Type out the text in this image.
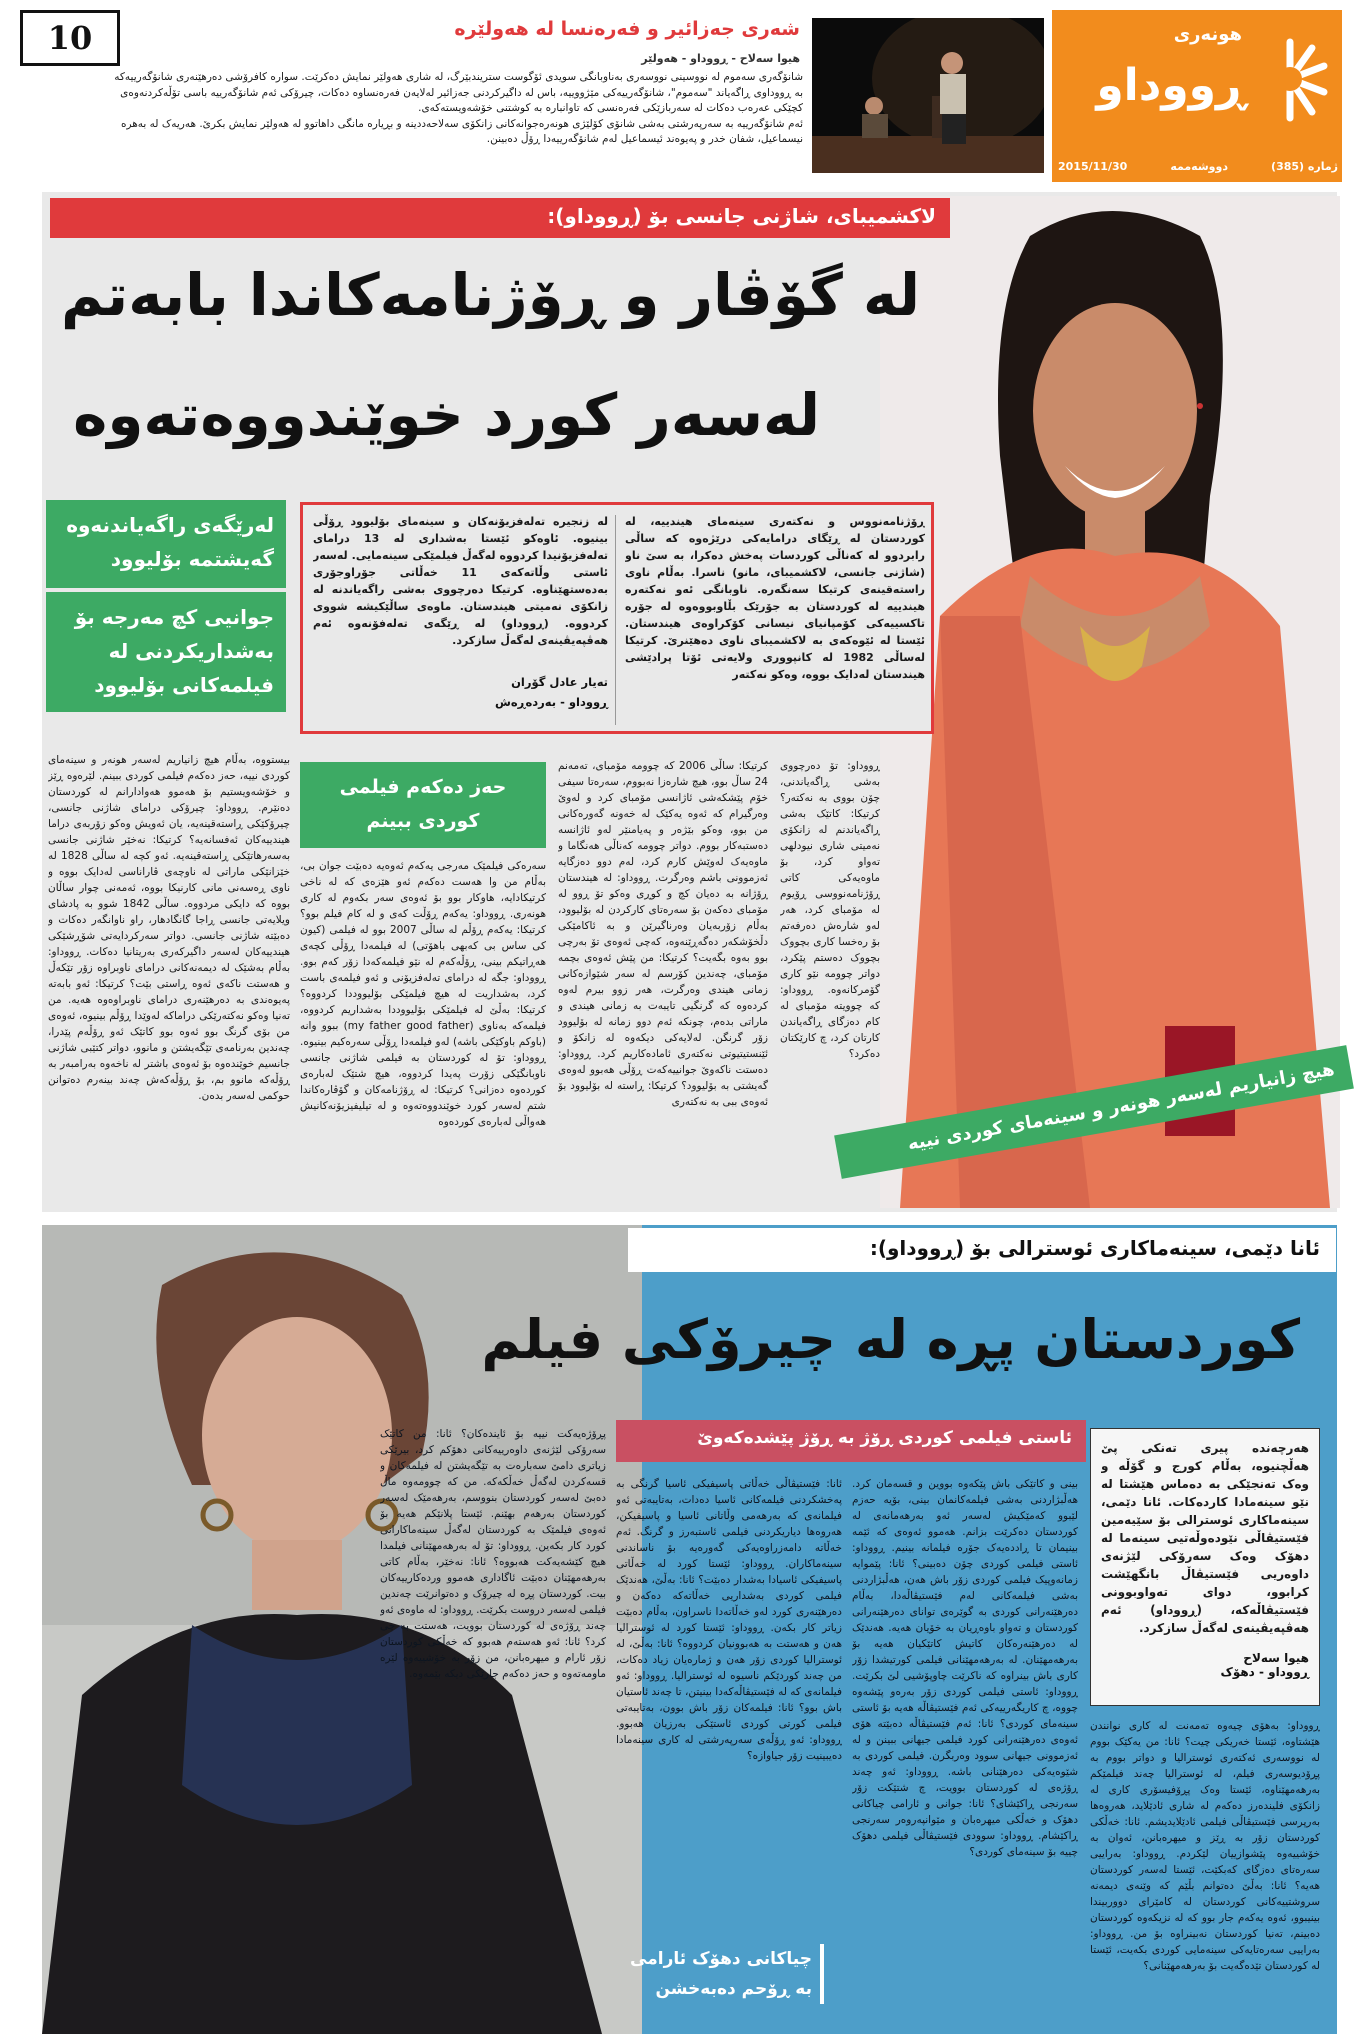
10	شەری جەزائیر و فەرەنسا لە هەولێرە
هیوا سەلاح - ڕووداو - هەولێر
شانۆگەری سەموم لە نووسینی نووسەری بەناوبانگی سویدی ئۆگوست ستریندبێرگ، لە شاری هەولێر نمایش دەکرێت. سوارە کافرۆشی دەرهێنەری شانۆگەرییەکە
بە ڕووداوی ڕاگەیاند "سەموم"، شانۆگەرییەکی مێژووییە، باس لە داگیرکردنی جەزائیر لەلایەن فەرەنساوە دەکات، چیرۆکی ئەم شانۆگەرییە باسی تۆڵەکردنەوەی
کچێکی عەرەب دەکات لە سەربازێکی فەرەنسی کە تاوانبارە بە کوشتنی خۆشەویستەکەی.
ئەم شانۆگەرییە بە سەرپەرشتی بەشی شانۆی کۆلێژی هونەرەجوانەکانی زانکۆی سەلاحەددینە و بڕیارە مانگی داهاتوو لە هەولێر نمایش بکرێ. هەریەک لە بەهرە
نیسماعیل، شفان خدر و پەیوەند ئیسماعیل لەم شانۆگەرییەدا ڕۆڵ دەبینن.
هونەری
ڕووداو
ژمارە (385)
دووشەممە
2015/11/30
لاکشمیبای، شاژنی جانسی بۆ (ڕووداو):
لە گۆڤار و ڕۆژنامەکاندا بابەتم
لەسەر کورد خوێندووەتەوە
لەرێگەی راگەیاندنەوە
گەیشتمە بۆلیوود
جوانیی کچ مەرجە بۆ
بەشداریکردنی لە
فیلمەکانی بۆلیوود
ڕۆژنامەنووس و نەکتەری سینەمای هیندییە، لە کوردستان لە ڕێگای درامایەکی درێژەوە کە ساڵی رابردوو لە کەناڵی کوردسات پەخش دەکرا، بە سێ ناو (شاژنی جانسی، لاکشمیبای، مانو) ناسرا. بەڵام ناوی راستەقینەی کرتیکا سەنگەرە. ناوبانگی ئەو نەکتەرە هیندییە لە کوردستان بە جۆرێک بڵاوبووەوە لە جۆرە تاکسییەکی کۆمپانیای نیسانی کۆکراوەی هیندستان. ئێستا لە ئێوەکەی بە لاکشمیبای ناوی دەهێنرێ. کرتیکا لەساڵی 1982 لە کانپووری ولایەتی ئۆتا پرادێشی هیندستان لەدایک بووە، وەکو نەکتەر
لە زنجیرە تەلەفزیۆنەکان و سینەمای بۆلیوود ڕۆڵی بینیوە. ئاوەکو ئێستا بەشداری لە 13 درامای تەلەفزیۆنیدا کردووە لەگەڵ فیلمێکی سینەمایی. لەسەر ئاستی وڵاتەکەی 11 خەڵاتی جۆراوجۆری بەدەستهێناوە. کرتیکا دەرچووی بەشی راگەیاندنە لە زانکۆی نەمیتی هیندستان. ماوەی ساڵێکیشە شووی کردووە. (ڕووداو) لە ڕێگەی تەلەفۆنەوە ئەم هەڤپەیڤینەی لەگەڵ سازکرد.
تەیار عادل گۆران
ڕووداو - بەردەڕەش
ڕووداو: تۆ دەرچووی بەشی ڕاگەیاندنی، چۆن بووی بە نەکتەر؟ کرتیکا: کاتێک بەشی ڕاگەیاندنم لە زانکۆی نەمیتی شاری نیودلهی تەواو کرد، بۆ ماوەیەکی کاتی ڕۆژنامەنووسی ڕۆیوم لە مۆمبای کرد، هەر لەو شارەش دەرفەتم بۆ رەخسا کاری بچووک بچووک دەستم پێکرد، دواتر چوومە نێو کاری گۆمرکانەوە. ڕووداو: کە چوویتە مۆمبای لە کام دەزگای ڕاگەیاندن کارتان کرد، چ کارێکتان دەکرد؟
کرتیکا: ساڵی 2006 کە چوومە مۆمبای، تەمەنم 24 ساڵ بوو، هیچ شارەزا نەبووم، سەرەتا سیفی خۆم پێشکەشی ئاژانسی مۆمبای کرد و لەوێ وەرگیرام کە ئەوە یەکێک لە خەونە گەورەکانی من بوو، وەکو بێژەر و پەیامنێر لەو ئاژانسە دەستبەکار بووم. دواتر چوومە کەناڵی هەنگاما و ماوەیەک لەوێش کارم کرد، لەم دوو دەزگایە ئەزموونی باشم وەرگرت. ڕووداو: لە هیندستان ڕۆژانە بە دەیان کچ و کوڕی وەکو تۆ ڕوو لە مۆمبای دەکەن بۆ سەرەتای کارکردن لە بۆلیوود، بەڵام زۆربەیان وەرناگیرێن و بە ئاکامێکی دڵخۆشکەر دەگەڕێنەوە، کەچی ئەوەی تۆ بەرچی بوو بەوە بگەیت؟ کرتیکا: من پێش ئەوەی بچمە مۆمبای، چەندین کۆرسم لە سەر شێوازەکانی زمانی هیندی وەرگرت، هەر زوو بیرم لەوە کردەوە کە گرنگیی تایبەت بە زمانی هیندی و ماراتی بدەم، چونکە ئەم دوو زمانە لە بۆلیوود زۆر گرنگن. لەلایەکی دیکەوە لە زانکۆ و ئێنستیتیوتی نەکتەری ئامادەکاریم کرد. ڕووداو: دەستت ناکەوێ جوانییەکەت ڕۆڵی هەبوو لەوەی گەیشتی بە بۆلیوود؟ کرتیکا: ڕاستە لە بۆلیوود بۆ ئەوەی ببی بە نەکتەری
حەز دەکەم فیلمی
کوردی ببینم
سەرەکی فیلمێک مەرجی یەکەم ئەوەیە دەبێت جوان بی، بەڵام من وا هەست دەکەم ئەو هێزەی کە لە ناخی کرتیکادایە، هاوکار بوو بۆ ئەوەی سەر بکەوم لە کاری هونەری. ڕووداو: یەکەم ڕۆڵت کەی و لە کام فیلم بوو؟ کرتیکا: یەکەم ڕۆڵم لە ساڵی 2007 بوو لە فیلمی (کیون کی ساس بی کەبهی باهۆتی) لە فیلمەدا ڕۆڵی کچەی هەڕاتیکم بینی، ڕۆڵەکەم لە نێو فیلمەکەدا زۆر کەم بوو. ڕووداو: جگە لە درامای تەلەفزیۆنی و ئەو فیلمەی باست کرد، بەشداریت لە هیچ فیلمێکی بۆلیووددا کردووە؟ کرتیکا: بەڵێ لە فیلمێکی بۆلیووددا بەشداریم کردووە، فیلمەکە بەناوی (my father good father) ببوو وانە (باوکم باوکێکی باشە) لەو فیلمەدا ڕۆڵی سەرەکیم بینیوە. ڕووداو: تۆ لە کوردستان بە فیلمی شاژنی جانسی ناوبانگێکی زۆرت پەیدا کردووە، هیچ شتێک لەبارەی کوردەوە دەزانی؟ کرتیکا: لە ڕۆژنامەکان و گۆڤارەکاندا شتم لەسەر کورد خوێندووەتەوە و لە تیلیفیزیۆنەکانیش هەواڵی لەبارەی کوردەوە
بیستووە، بەڵام هیچ زانیاریم لەسەر هونەر و سینەمای کوردی نییە، حەز دەکەم فیلمی کوردی ببینم. لێرەوە ڕێز و خۆشەویستیم بۆ هەموو هەوادارانم لە کوردستان دەنێرم. ڕووداو: چیرۆکی درامای شاژنی جانسی، چیرۆکێکی ڕاستەقینەیە، یان ئەویش وەکو زۆربەی دراما هیندییەکان ئەفسانەیە؟ کرتیکا: نەخێر شاژنی جانسی بەسەرهاتێکی ڕاستەقینەیە. ئەو کچە لە ساڵی 1828 لە خێزانێکی ماراتی لە ناوچەی ڤاراناسی لەدایک بووە و ناوی ڕەسەنی مانی کارنیکا بووە، ئەمەنی چوار ساڵان بووە کە دایکی مردووە. ساڵی 1842 شوو بە پادشای ویلایەتی جانسی ڕاجا گانگادهار، راو ناوانگەر دەکات و دەبێتە شاژنی جانسی. دواتر سەرکردایەتی شۆڕشێکی هیندییەکان لەسەر داگیرکەری بەریتانیا دەکات. ڕووداو: بەڵام بەشێک لە دیمەنەکانی درامای ناوبراوە زۆر تێکەڵ و هەستت ناکەی ئەوە ڕاستی بێت؟ کرتیکا: ئەو بابەتە پەیوەندی بە دەرهێنەری درامای ناوبراوەوە هەیە. من تەنیا وەکو نەکتەرێکی دراماکە لەوێدا ڕۆڵم بینیوە، ئەوەی من بۆی گرنگ بوو ئەوە بوو کاتێک ئەو ڕۆڵەم پێدرا، چەندین بەرنامەی تێگەیشتن و مانوو، دواتر کتێبی شاژنی جانسیم خوێندەوە بۆ ئەوەی باشتر لە ناخەوە بەرامبەر بە ڕۆڵەکە مانوو بم، بۆ ڕۆڵەکەش چەند بینەرم دەتوانن حوکمی لەسەر بدەن.	هیچ زانیاریم لەسەر هونەر و سینەمای کوردی نییە
ئانا دێمی، سینەماکاری ئوسترالی بۆ (ڕووداو):
کوردستان پڕە لە چیرۆکی فیلم
ئاستی فیلمی کوردی ڕۆژ بە ڕۆژ پێشدەکەوێ	هەرچەندە پیری تەنکی پێ هەڵچنیوە، بەڵام کورج و گۆڵە و وەک تەنجێکی بە دەماس هێشتا لە نێو سینەمادا کاردەکات. ئانا دێمی، سینەماکاری ئوسترالی بۆ سێیەمین فێستیڤاڵی نێودەوڵەتیی سینەما لە دهۆک وەک سەرۆکی لێژنەی داوەریی فێستیڤاڵ بانگهێشت کرابوو، دوای تەواوبوونی فێستیڤاڵەکە، (ڕووداو) ئەم هەڤپەیڤینەی لەگەڵ سازکرد.
هیوا سەلاح
ڕووداو - دهۆک
ڕووداو: بەهۆی چیەوە تەمەنت لە کاری نوانندن هێشتاوە، ئێستا خەریکی چیت؟ ئانا: من یەکێک بووم لە نووسەری ئەکتەری ئوسترالیا و دواتر بووم بە پڕۆدیوسەری فیلم، لە ئوسترالیا چەند فیلمێکم بەرهەمهێناوە، ئێستا وەک پڕۆفیسۆری کاری لە زانکۆی فلیندەرز دەکەم لە شاری ئادێلاید، هەروەها بەرپرسی فێستیڤاڵی فیلمی ئادێلایدیشم. ئانا: خەڵکی کوردستان زۆر بە ڕێز و میهرەبانن، ئەوان بە خۆشییەوە پێشوازییان لێکردم. ڕووداو: بەراییی سەرەتای دەزگای کەبکێت، ئێستا لەسەر کوردستان هەیە؟ ئانا: بەڵێ دەتوانم بڵێم کە وێنەی دیمەنە سروشتییەکانی کوردستان لە کامێرای دووربیندا بینیبوو، ئەوە یەکەم جار بوو کە لە نزیکەوە کوردستان دەبینم، تەنیا کوردستان نەبینراوە بۆ من. ڕووداو: بەراییی سەرەتایەکی سینەمایی کوردی بکەیت، ئێستا لە کوردستان تێدەگەیت بۆ بەرهەمهێنانی؟
بینی و کاتێکی باش پێکەوە بووین و قسەمان کرد. هەڵبژاردنی بەشی فیلمەکانمان بینی، بۆیە حەزم لێبوو کەمێکیش لەسەر ئەو بەرهەمانەی لە کوردستان دەکرێت بزانم. هەموو ئەوەی کە ئێمە بینیمان تا ڕاددەیەک جۆرە فیلمانە بینیم. ڕووداو: ئاستی فیلمی کوردی چۆن دەبینی؟ ئانا: پێموایە زمانەوپیک فیلمی کوردی زۆر باش هەن، هەڵبژاردنی بەشی فیلمەکانی لەم فێستیڤاڵەدا، بەڵام دەرهێنەرانی کوردی بە گوێرەی توانای دەرهێنەرانی کوردستان و تەواو باوەڕیان بە خۆیان هەیە. هەندێک لە دەرهێنەرەکان کاتیش کاتێکیان هەیە بۆ بەرهەمهێنان. لە بەرهەمهێنانی فیلمی کورتیشدا زۆر کاری باش بینراوە کە ناکرێت چاوپۆشیی لێ بکرێت. ڕووداو: ئاستی فیلمی کوردی زۆر بەرەو پێشەوە چووە، چ کاریگەرییەکی ئەم فێستیڤاڵە هەیە بۆ ئاستی سینەمای کوردی؟ ئانا: ئەم فێستیڤاڵە دەبێتە هۆی ئەوەی دەرهێنەرانی کورد فیلمی جیهانی ببینن و لە ئەزموونی جیهانی سوود وەربگرن. فیلمی کوردی بە شێوەیەکی دەرهێنانی باشە. ڕووداو: ئەو چەند ڕۆژەی لە کوردستان بوویت، چ شتێکت زۆر سەرنجی ڕاکێشای؟ ئانا: جوانی و ئارامی چیاکانی دهۆک و خەڵکی میهرەبان و مێوانپەروەر سەرنجی ڕاکێشام. ڕووداو: سوودی فێستیڤاڵی فیلمی دهۆک چییە بۆ سینەمای کوردی؟
ئانا: فێستیڤاڵی خەڵاتی پاسیفیکی ئاسیا گرنگی بە پەخشکردنی فیلمەکانی ئاسیا دەدات، بەتایبەتی ئەو فیلمانەی کە بەرهەمی وڵاتانی ئاسیا و پاسیفیکن، هەروەها دیاریکردنی فیلمی ئاستبەرز و گرنگ. ئەم خەڵاتە دامەزراوەیەکی گەورەیە بۆ ناساندنی سینەماکاران. ڕووداو: ئێستا کورد لە خەڵاتی پاسیفیکی ئاسیادا بەشدار دەبێت؟ ئانا: بەڵێ، هەندێک فیلمی کوردی بەشداریی خەڵاتەکە دەکەن و دەرهێنەری کورد لەو خەڵاتەدا ناسراون، بەڵام دەبێت زیاتر کار بکەن. ڕووداو: ئێستا کورد لە ئوسترالیا هەن و هەستت بە هەبوونیان کردووە؟ ئانا: بەڵێ، لە ئوسترالیا کوردی زۆر هەن و ژمارەیان زیاد دەکات، من چەند کوردێکم ناسیوە لە ئوسترالیا. ڕووداو: ئەو فیلمانەی کە لە فێستیڤاڵەکەدا بینیتن، تا چەند ئاستیان باش بوو؟ ئانا: فیلمەکان زۆر باش بوون، بەتایبەتی فیلمی کورتی کوردی ئاستێکی بەرزیان هەبوو. ڕووداو: ئەو ڕۆڵەی سەرپەرشتی لە کاری سینەمادا دەیبینیت زۆر جیاوازە؟
پڕۆژەیەکت نییە بۆ ئایندەکان؟ ئانا: من کاتێک سەرۆکی لێژنەی داوەرییەکانی دهۆکم کرد، بیرێکی زیاتری دامێ سەبارەت بە تێگەیشتن لە فیلمەکان و قسەکردن لەگەڵ خەڵکەکە. من کە چوومەوە ماڵ دەبێ لەسەر کوردستان بنووسم، بەرهەمێک لەسەر کوردستان بەرهەم بهێنم. ئێستا پلانێکم هەیە بۆ ئەوەی فیلمێک بە کوردستان لەگەڵ سینەماکارانی کورد کار بکەین. ڕووداو: تۆ لە بەرهەمهێنانی فیلمدا هیچ کێشەیەکت هەبووە؟ ئانا: نەخێر، بەڵام کاتی بەرهەمهێنان دەبێت ئاگاداری هەموو وردەکارییەکان بیت. کوردستان پڕە لە چیرۆک و دەتوانرێت چەندین فیلمی لەسەر دروست بکرێت. ڕووداو: لە ماوەی ئەو چەند ڕۆژەی لە کوردستان بوویت، هەستت بە چی کرد؟ ئانا: ئەو هەستەم هەبوو کە خەڵکی کوردستان زۆر ئارام و میهرەبانن، من زۆر بە خۆشییەوە لێرە ماومەتەوە و حەز دەکەم جارێکی دیکە بێمەوە.
چیاکانی دهۆک ئارامی
بە ڕۆحم دەبەخشن
